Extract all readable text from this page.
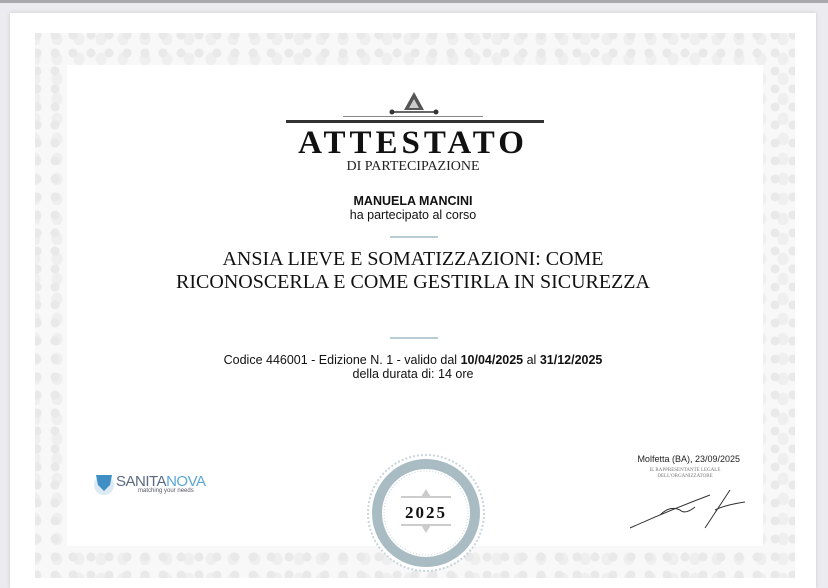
ATTESTATO
DI PARTECIPAZIONE
MANUELA MANCINI
ha partecipato al corso
ANSIA LIEVE E SOMATIZZAZIONI: COME
RICONOSCERLA E COME GESTIRLA IN SICUREZZA
Codice 446001 - Edizione N. 1 - valido dal 10/04/2025 al 31/12/2025
della durata di: 14 ore
SANITANOVA
matching your needs
2025
Molfetta (BA), 23/09/2025
IL RAPPRESENTANTE LEGALE
DELL'ORGANIZZATORE
